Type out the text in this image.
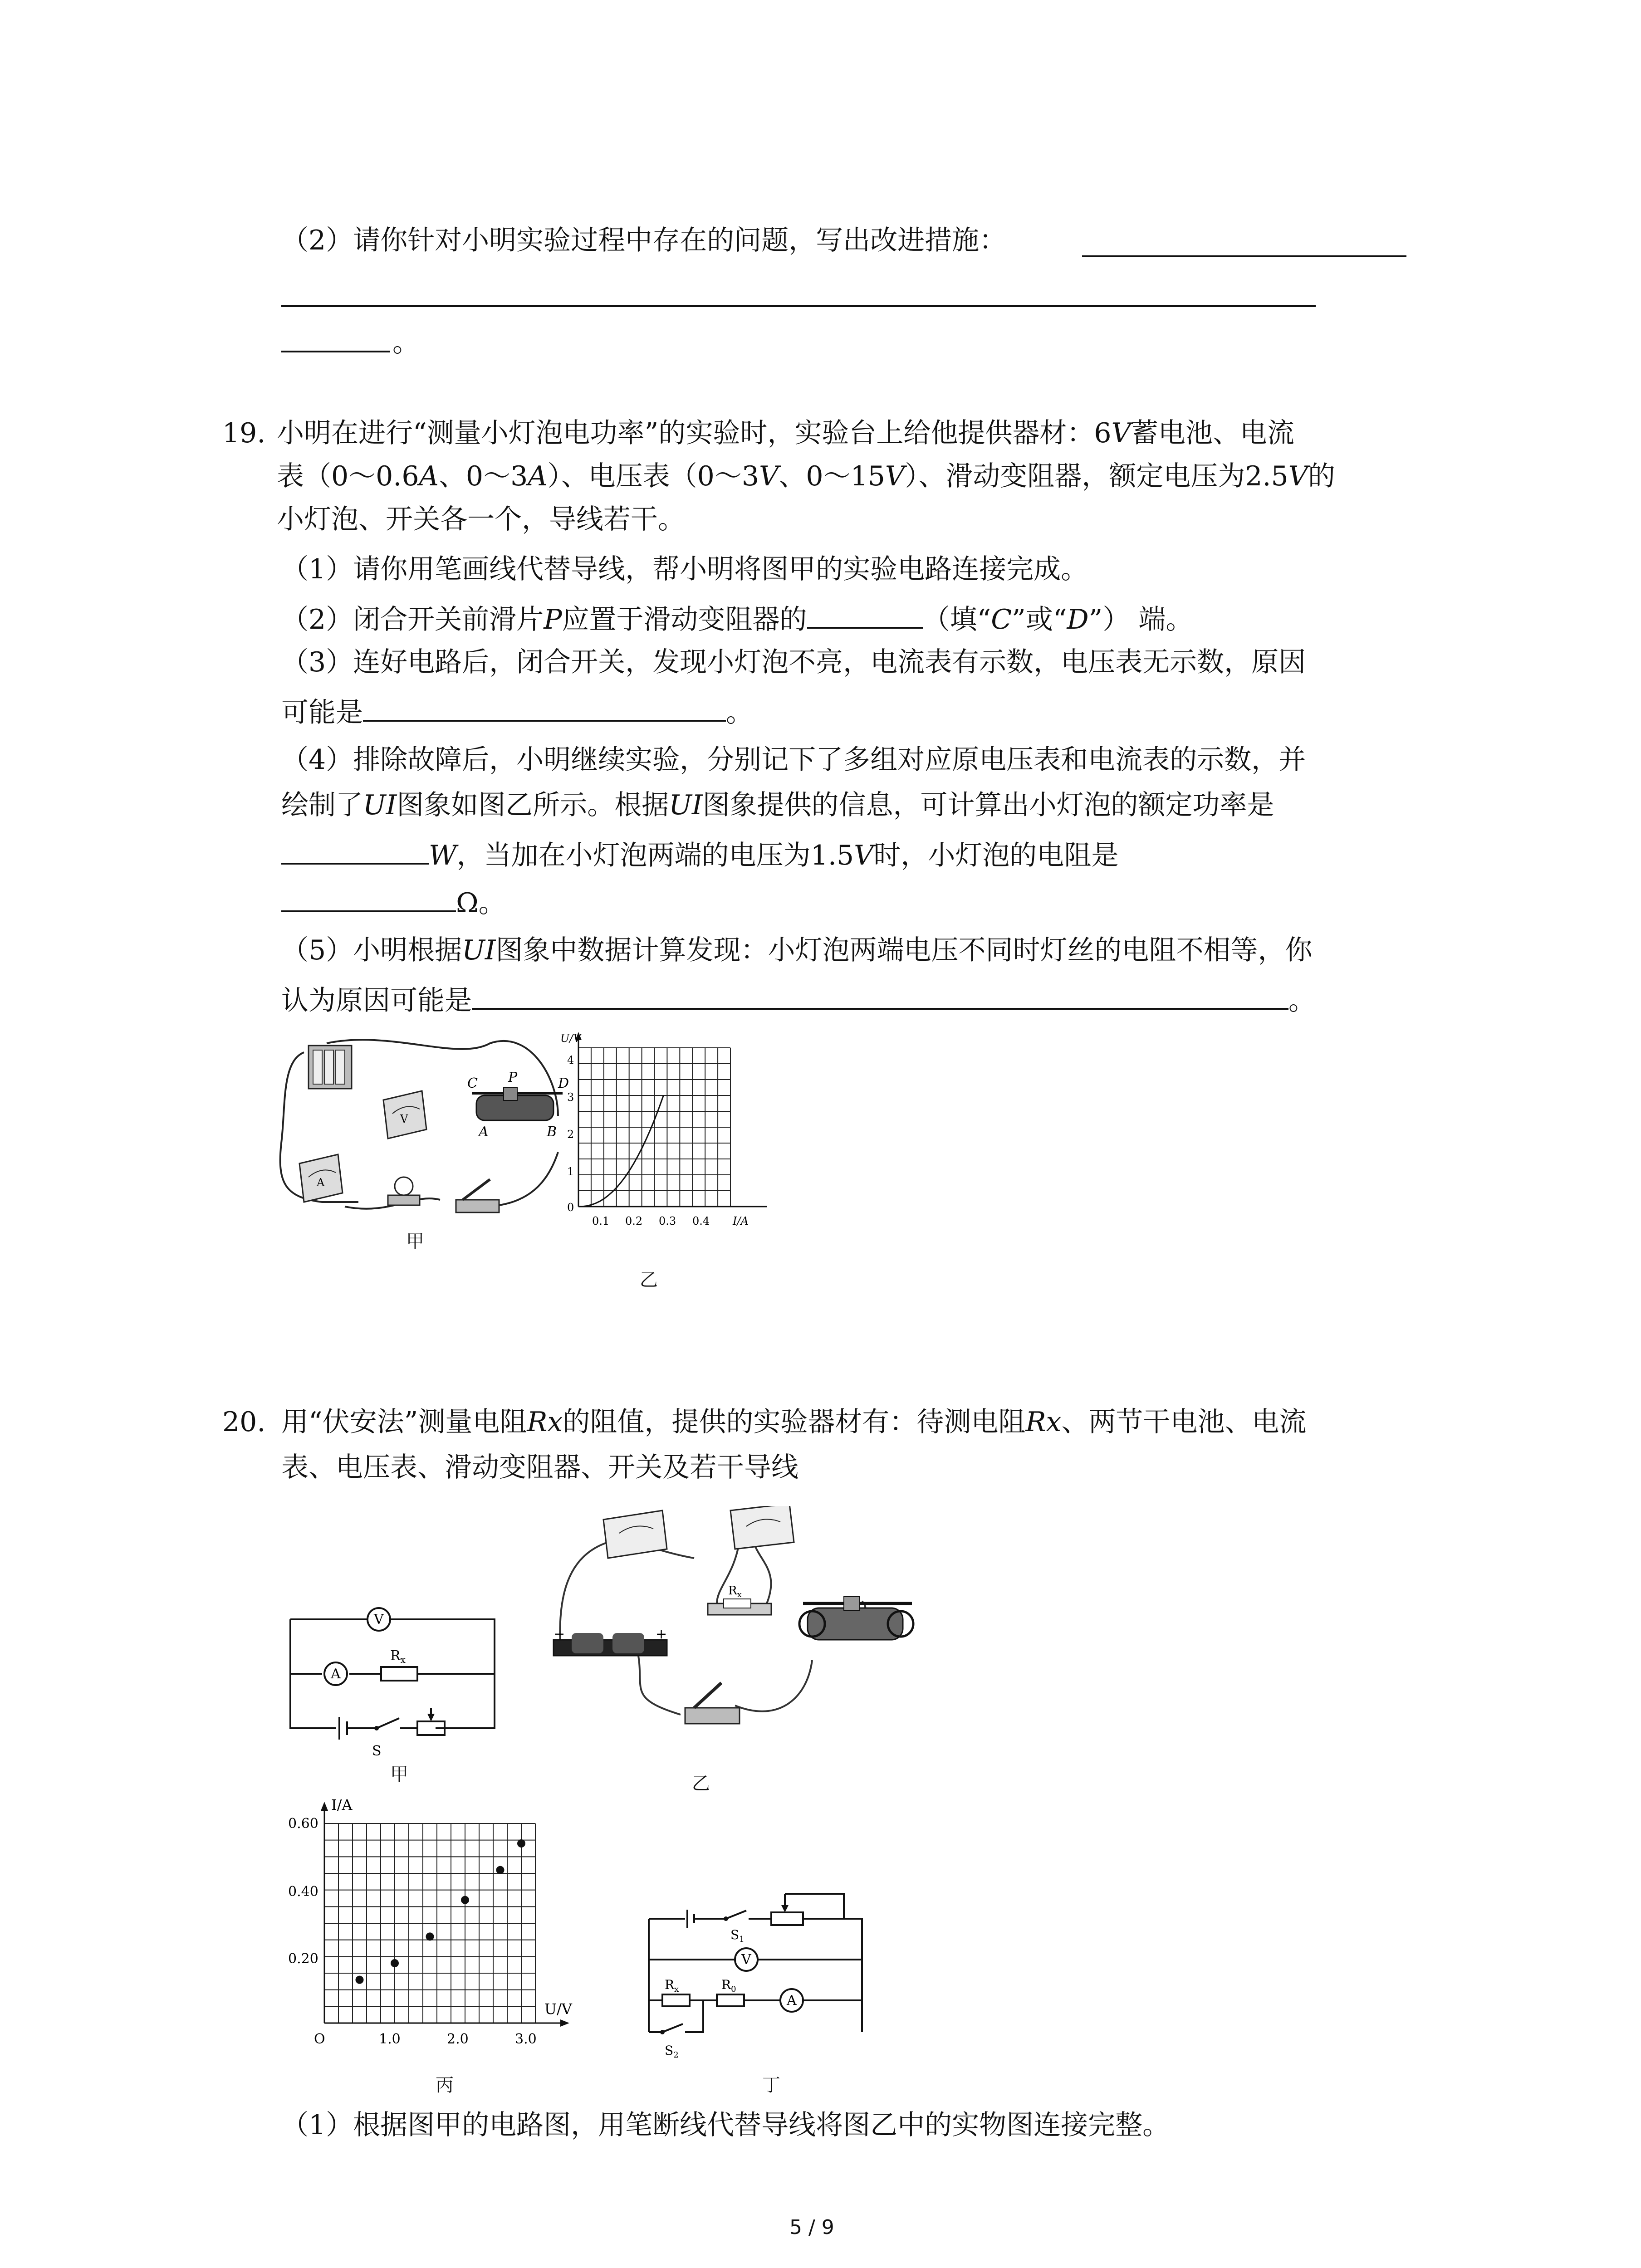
（2）请你针对小明实验过程中存在的问题，写出改进措施：
。
19. 小明在进行“测量小灯泡电功率”的实验时，实验台上给他提供器材：6V蓄电池、电流
表（0～0.6A、0～3A）、电压表（0～3V、0～15V）、滑动变阻器，额定电压为2.5V的
小灯泡、开关各一个，导线若干。
（1）请你用笔画线代替导线，帮小明将图甲的实验电路连接完成。
（2）闭合开关前滑片P应置于滑动变阻器的	（填“C”或“D”） 端。
（3）连好电路后，闭合开关，发现小灯泡不亮，电流表有示数，电压表无示数，原因
可能是	。
（4）排除故障后，小明继续实验，分别记下了多组对应原电压表和电流表的示数，并
绘制了UI图象如图乙所示。根据UI图象提供的信息，可计算出小灯泡的额定功率是
W，当加在小灯泡两端的电压为1.5V时，小灯泡的电阻是
Ω。
（5）小明根据UI图象中数据计算发现：小灯泡两端电压不同时灯丝的电阻不相等，你
认为原因可能是	。
V
A
C P	D
A	B
甲
U/V
I/A
4
3
2
1
0
0.1 0.2 0.3 0.4
乙
20. 用“伏安法”测量电阻Rx的阻值，提供的实验器材有：待测电阻Rx、两节干电池、电流
表、电压表、滑动变阻器、开关及若干导线
V
A
$R_x$
S
甲
$R_x$
−	+
乙
I/A
U/V
0.60
0.40
0.20
O	1.0	2.0	3.0
丙
V
A
$S_1$
$R_x$	$R_0$
$S_2$
丁
（1）根据图甲的电路图，用笔断线代替导线将图乙中的实物图连接完整。
5 / 9
